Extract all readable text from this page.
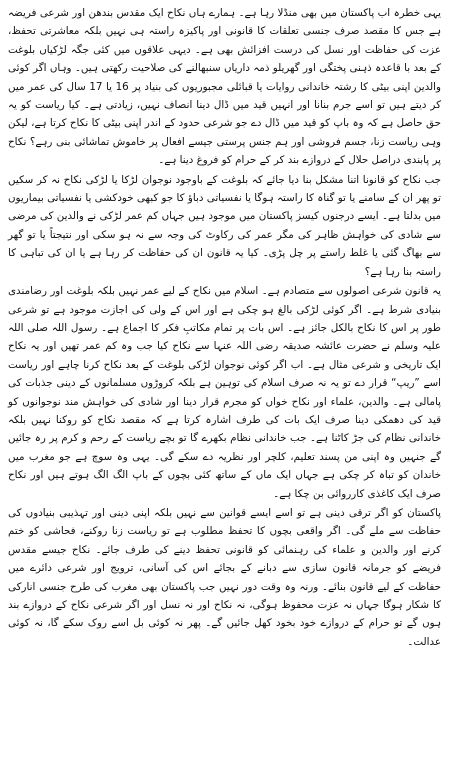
یہی خطرہ اب پاکستان میں بھی منڈلا رہا ہے۔ ہمارے ہاں نکاح ایک مقدس بندھن اور شرعی فریضہ ہے جس کا مقصد صرف جنسی تعلقات کا قانونی اور پاکیزہ راستہ ہی نہیں بلکہ معاشرتی تحفظ، عزت کی حفاظت اور نسل کی درست افزائش بھی ہے۔ دیہی علاقوں میں کئی جگہ لڑکیاں بلوغت کے بعد با قاعدہ ذہنی پختگی اور گھریلو ذمہ داریاں سنبھالنے کی صلاحیت رکھتی ہیں۔ وہاں اگر کوئی والدین اپنی بیٹی کا رشتہ خاندانی روایات یا قبائلی مجبوریوں کی بنیاد پر 16 یا 17 سال کی عمر میں کر دیتے ہیں تو اسے جرم بنانا اور انہیں قید میں ڈال دینا انصاف نہیں، زیادتی ہے۔ کیا ریاست کو یہ حق حاصل ہے کہ وہ باپ کو قید میں ڈال دے جو شرعی حدود کے اندر اپنی بیٹی کا نکاح کرتا ہے، لیکن وہی ریاست زنا، جسم فروشی اور ہم جنس پرستی جیسے افعال پر خاموش تماشائی بنی رہے؟ نکاح پر پابندی دراصل حلال کے دروازے بند کر کے حرام کو فروغ دینا ہے۔

جب نکاح کو قانونا اتنا مشکل بنا دیا جائے کہ بلوغت کے باوجود نوجوان لڑکا یا لڑکی نکاح نہ کر سکیں تو پھر ان کے سامنے یا تو گناہ کا راستہ ہوگا یا نفسیاتی دباؤ کا جو کبھی خودکشی یا نفسیاتی بیماریوں میں بدلتا ہے۔ ایسے درجنوں کیسز پاکستان میں موجود ہیں جہاں کم عمر لڑکی نے والدین کی مرضی سے شادی کی خواہش ظاہر کی مگر عمر کی رکاوٹ کی وجہ سے نہ ہو سکی اور نتیجتاً یا تو گھر سے بھاگ گئی یا غلط راستے پر چل پڑی۔ کیا یہ قانون ان کی حفاظت کر رہا ہے یا ان کی تباہی کا راستہ بنا رہا ہے؟

یہ قانون شرعی اصولوں سے متصادم ہے۔ اسلام میں نکاح کے لیے عمر نہیں بلکہ بلوغت اور رضامندی بنیادی شرط ہے۔ اگر کوئی لڑکی بالغ ہو چکی ہے اور اس کے ولی کی اجازت موجود ہے تو شرعی طور پر اس کا نکاح بالکل جائز ہے۔ اس بات پر تمام مکاتبِ فکر کا اجماع ہے۔ رسول اللہ صلی اللہ علیہ وسلم نے حضرت عائشہ صدیقہ رضی اللہ عنہا سے نکاح کیا جب وہ کم عمر تھیں اور یہ نکاح ایک تاریخی و شرعی مثال ہے۔ اب اگر کوئی نوجوان لڑکی بلوغت کے بعد نکاح کرنا چاہے اور ریاست اسے ”ریپ“ قرار دے تو یہ نہ صرف اسلام کی توہین ہے بلکہ کروڑوں مسلمانوں کے دینی جذبات کی پامالی ہے۔ والدین، علماء اور نکاح خواں کو مجرم قرار دینا اور شادی کی خواہش مند نوجوانوں کو قید کی دھمکی دینا صرف ایک بات کی طرف اشارہ کرتا ہے کہ مقصد نکاح کو روکنا نہیں بلکہ خاندانی نظام کی جڑ کاٹنا ہے۔ جب خاندانی نظام بکھرے گا تو بچے ریاست کے رحم و کرم پر رہ جائیں گے جنہیں وہ اپنی من پسند تعلیم، کلچر اور نظریہ دے سکے گی۔ یہی وہ سوچ ہے جو مغرب میں خاندان کو تباہ کر چکی ہے جہاں ایک ماں کے ساتھ کئی بچوں کے باپ الگ الگ ہوتے ہیں اور نکاح صرف ایک کاغذی کارروائی بن چکا ہے۔

پاکستان کو اگر ترقی دینی ہے تو اسے ایسے قوانین سے نہیں بلکہ اپنی دینی اور تہذیبی بنیادوں کی حفاظت سے ملے گی۔ اگر واقعی بچوں کا تحفظ مطلوب ہے تو ریاست زنا روکنے، فحاشی کو ختم کرنے اور والدین و علماء کی رہنمائی کو قانونی تحفظ دینے کی طرف جائے۔ نکاح جیسے مقدس فریضے کو جرمانہ قانون سازی سے دبانے کے بجائے اس کی آسانی، ترویج اور شرعی دائرے میں حفاظت کے لیے قانون بنائے۔ ورنہ وہ وقت دور نہیں جب پاکستان بھی مغرب کی طرح جنسی انارکی کا شکار ہوگا جہاں نہ عزت محفوظ ہوگی، نہ نکاح اور نہ نسل اور اگر شرعی نکاح کے دروازے بند ہوں گے تو حرام کے دروازے خود بخود کھل جائیں گے۔ پھر نہ کوئی بل اسے روک سکے گا، نہ کوئی عدالت۔
